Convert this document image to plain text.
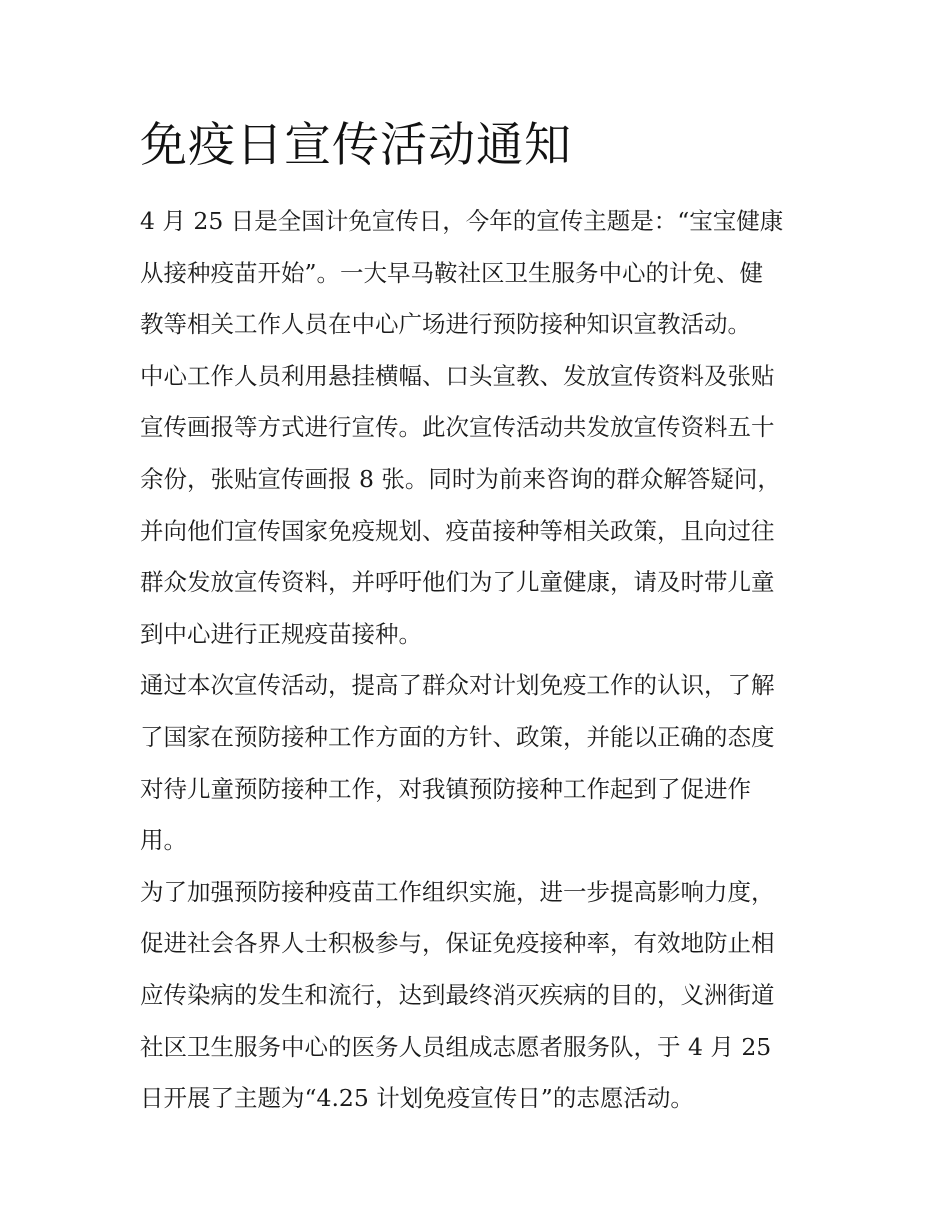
免疫日宣传活动通知

4 月 25 日是全国计免宣传日，今年的宣传主题是：“宝宝健康
从接种疫苗开始”。一大早马鞍社区卫生服务中心的计免、健
教等相关工作人员在中心广场进行预防接种知识宣教活动。

中心工作人员利用悬挂横幅、口头宣教、发放宣传资料及张贴
宣传画报等方式进行宣传。此次宣传活动共发放宣传资料五十
余份，张贴宣传画报 8 张。同时为前来咨询的群众解答疑问，
并向他们宣传国家免疫规划、疫苗接种等相关政策，且向过往
群众发放宣传资料，并呼吁他们为了儿童健康，请及时带儿童
到中心进行正规疫苗接种。

通过本次宣传活动，提高了群众对计划免疫工作的认识，了解
了国家在预防接种工作方面的方针、政策，并能以正确的态度
对待儿童预防接种工作，对我镇预防接种工作起到了促进作
用。

为了加强预防接种疫苗工作组织实施，进一步提高影响力度，
促进社会各界人士积极参与，保证免疫接种率，有效地防止相
应传染病的发生和流行，达到最终消灭疾病的目的，义洲街道
社区卫生服务中心的医务人员组成志愿者服务队，于 4 月 25
日开展了主题为“4.25 计划免疫宣传日”的志愿活动。
